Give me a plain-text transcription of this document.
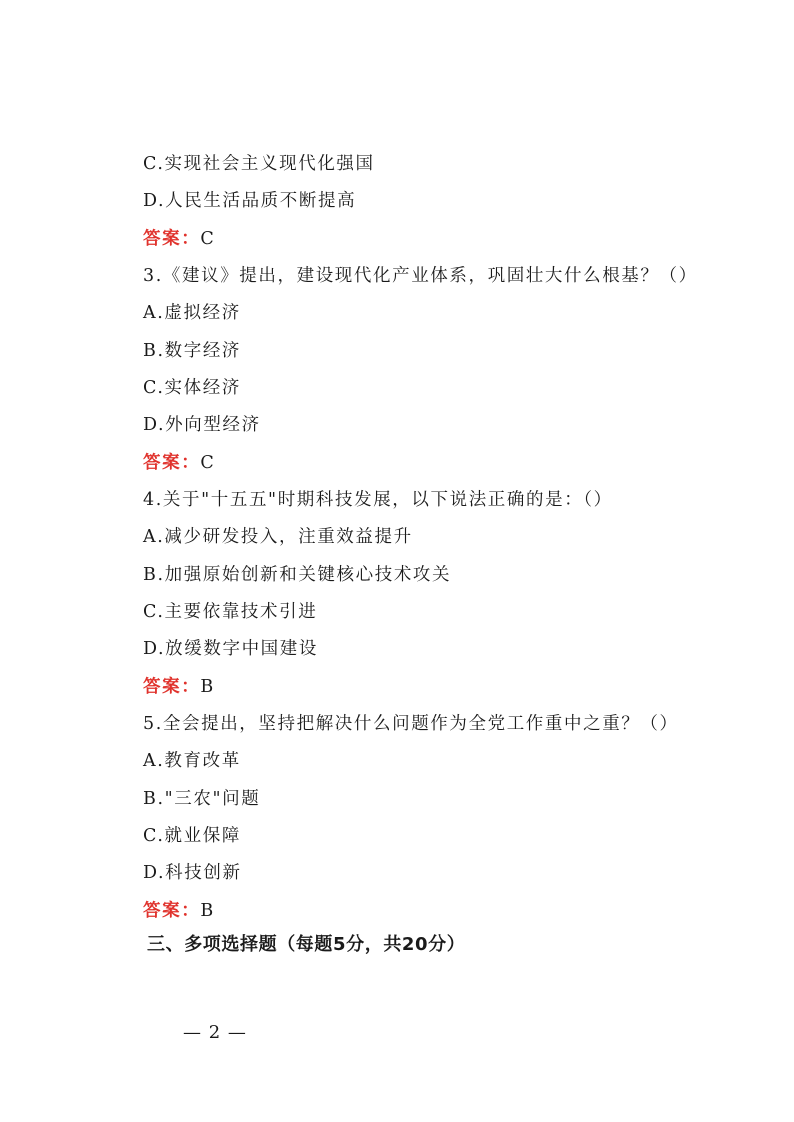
C.实现社会主义现代化强国
D.人民生活品质不断提高
答案：C
3.《建议》提出，建设现代化产业体系，巩固壮大什么根基？（）
A.虚拟经济
B.数字经济
C.实体经济
D.外向型经济
答案：C
4.关于"十五五"时期科技发展，以下说法正确的是：（）
A.减少研发投入，注重效益提升
B.加强原始创新和关键核心技术攻关
C.主要依靠技术引进
D.放缓数字中国建设
答案：B
5.全会提出，坚持把解决什么问题作为全党工作重中之重？（）
A.教育改革
B."三农"问题
C.就业保障
D.科技创新
答案：B
三、多项选择题（每题5分，共20分）
— 2 —
